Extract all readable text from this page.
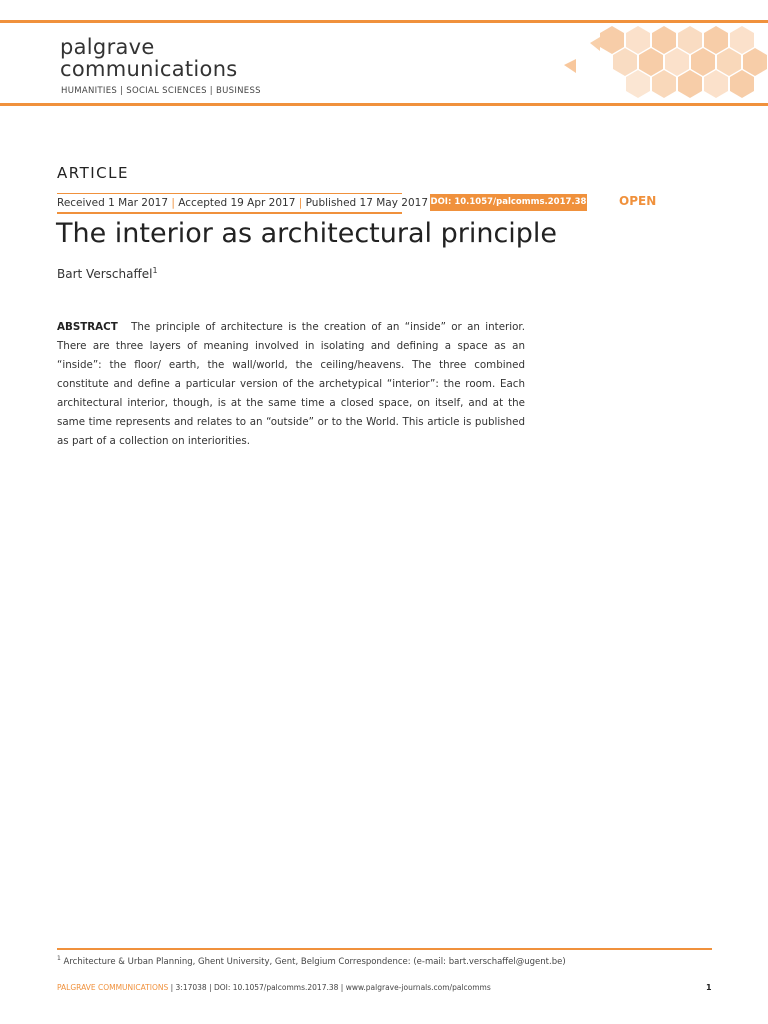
palgrave
communications
HUMANITIES | SOCIAL SCIENCES | BUSINESS
ARTICLE
Received 1 Mar 2017 | Accepted 19 Apr 2017 | Published 17 May 2017 DOI: 10.1057/palcomms.2017.38	OPEN
The interior as architectural principle
Bart Verschaffel$^1$
ABSTRACT The principle of architecture is the creation of an “inside” or an interior. There are three layers of meaning involved in isolating and defining a space as an “inside”: the floor/ earth, the wall/world, the ceiling/heavens. The three combined constitute and define a particular version of the archetypical “interior”: the room. Each architectural interior, though, is at the same time a closed space, on itself, and at the same time represents and relates to an “outside” or to the World. This article is published as part of a collection on interiorities.
$^1$ Architecture & Urban Planning, Ghent University, Gent, Belgium Correspondence: (e-mail: bart.verschaffel@ugent.be)
PALGRAVE COMMUNICATIONS | 3:17038 | DOI: 10.1057/palcomms.2017.38 | www.palgrave-journals.com/palcomms	1
